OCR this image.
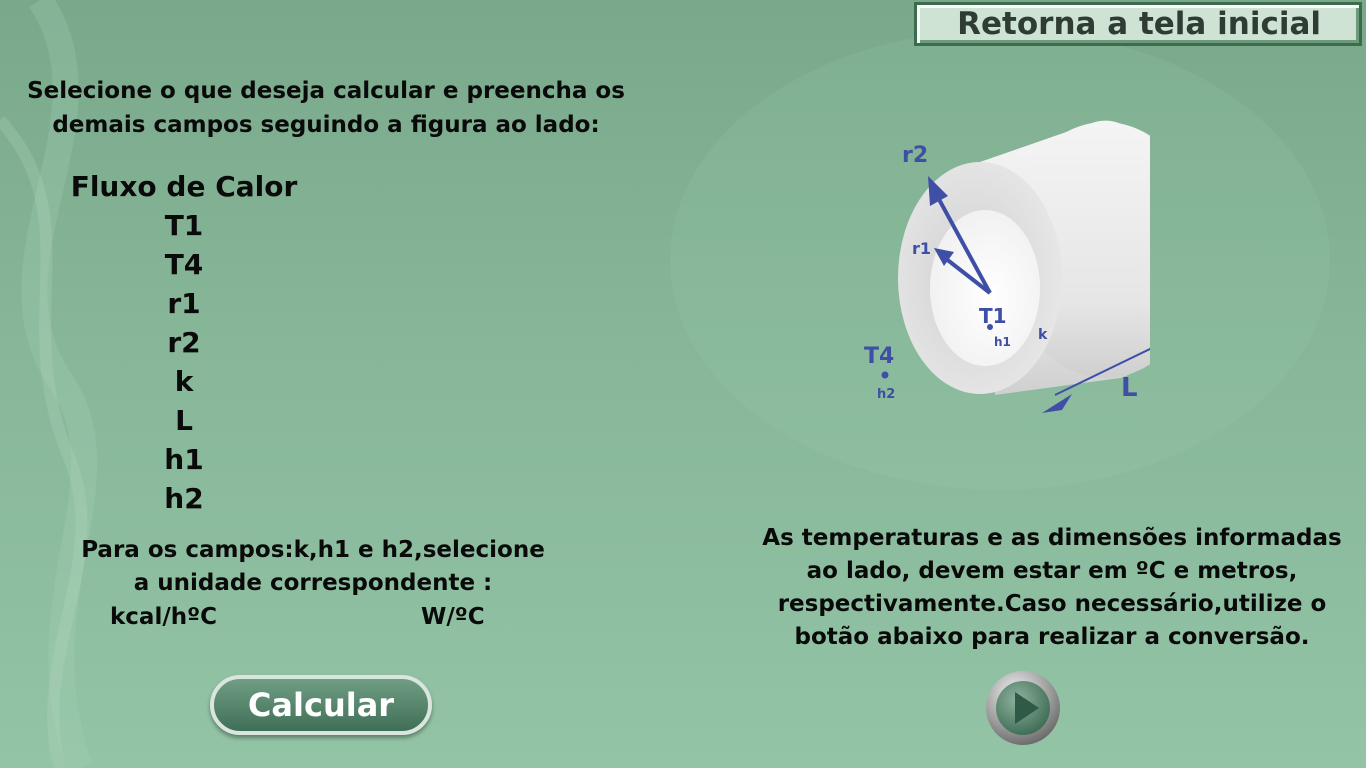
Retorna a tela inicial
Selecione o que deseja calcular e preencha os
demais campos seguindo a figura ao lado:
Fluxo de Calor
T1
T4
r1
r2
k
L
h1
h2
Para os campos:k,h1 e h2,selecione
a unidade correspondente :
kcal/hºC	W/ºC
Calcular
r2
r1
T1
h1 k
T4
h2	L
As temperaturas e as dimensões informadas
ao lado, devem estar em ºC e metros,
respectivamente.Caso necessário,utilize o
botão abaixo para realizar a conversão.
